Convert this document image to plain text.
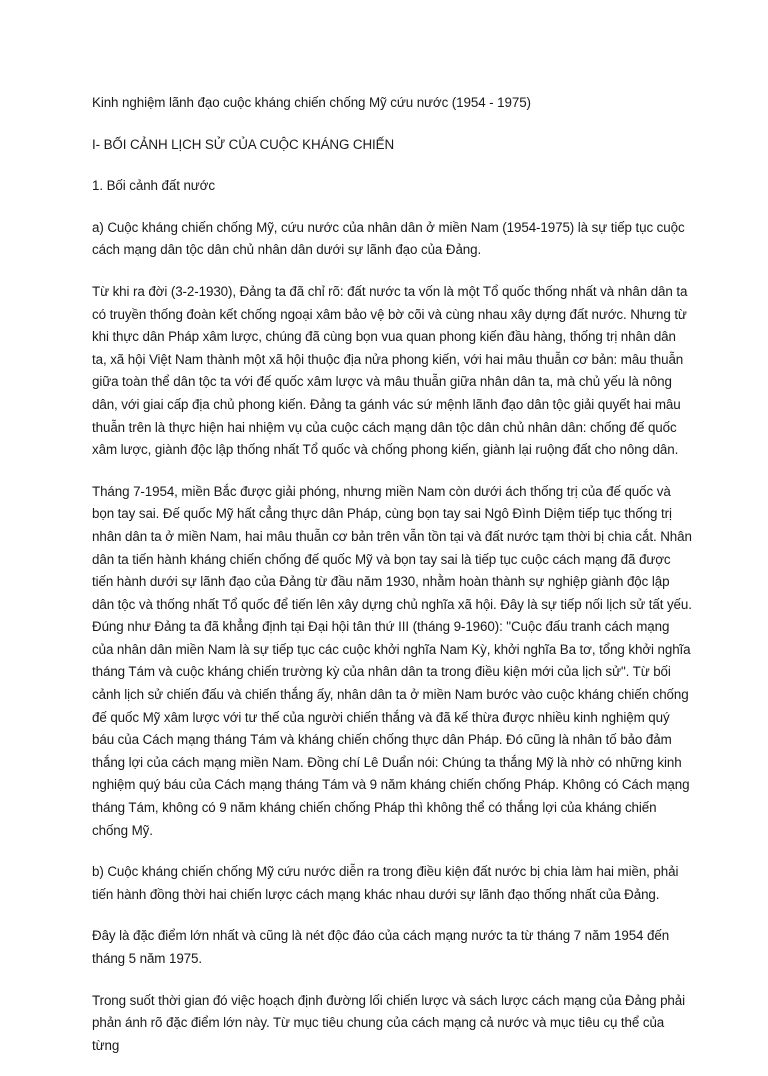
Kinh nghiệm lãnh đạo cuộc kháng chiến chống Mỹ cứu nước (1954 - 1975)

I- BỐI CẢNH LỊCH SỬ CỦA CUỘC KHÁNG CHIẾN

1. Bối cảnh đất nước

a) Cuộc kháng chiến chống Mỹ, cứu nước của nhân dân ở miền Nam (1954-1975) là sự tiếp tục cuộc cách mạng dân tộc dân chủ nhân dân dưới sự lãnh đạo của Đảng.

Từ khi ra đời (3-2-1930), Đảng ta đã chỉ rõ: đất nước ta vốn là một Tổ quốc thống nhất và nhân dân ta có truyền thống đoàn kết chống ngoại xâm bảo vệ bờ cõi và cùng nhau xây dựng đất nước. Nhưng từ khi thực dân Pháp xâm lược, chúng đã cùng bọn vua quan phong kiến đầu hàng, thống trị nhân dân ta, xã hội Việt Nam thành một xã hội thuộc địa nửa phong kiến, với hai mâu thuẫn cơ bản: mâu thuẫn giữa toàn thể dân tộc ta với đế quốc xâm lược và mâu thuẫn giữa nhân dân ta, mà chủ yếu là nông dân, với giai cấp địa chủ phong kiến. Đảng ta gánh vác sứ mệnh lãnh đạo dân tộc giải quyết hai mâu thuẫn trên là thực hiện hai nhiệm vụ của cuộc cách mạng dân tộc dân chủ nhân dân: chống đế quốc xâm lược, giành độc lập thống nhất Tổ quốc và chống phong kiến, giành lại ruộng đất cho nông dân.

Tháng 7-1954, miền Bắc được giải phóng, nhưng miền Nam còn dưới ách thống trị của đế quốc và bọn tay sai. Đế quốc Mỹ hất cẳng thực dân Pháp, cùng bọn tay sai Ngô Đình Diệm tiếp tục thống trị nhân dân ta ở miền Nam, hai mâu thuẫn cơ bản trên vẫn tồn tại và đất nước tạm thời bị chia cắt. Nhân dân ta tiến hành kháng chiến chống đế quốc Mỹ và bọn tay sai là tiếp tục cuộc cách mạng đã được tiến hành dưới sự lãnh đạo của Đảng từ đầu năm 1930, nhằm hoàn thành sự nghiệp giành độc lập dân tộc và thống nhất Tổ quốc để tiến lên xây dựng chủ nghĩa xã hội. Đây là sự tiếp nối lịch sử tất yếu. Đúng như Đảng ta đã khẳng định tại Đại hội tân thứ III (tháng 9-1960): "Cuộc đấu tranh cách mạng của nhân dân miền Nam là sự tiếp tục các cuộc khởi nghĩa Nam Kỳ, khởi nghĩa Ba tơ, tổng khởi nghĩa tháng Tám và cuộc kháng chiến trường kỳ của nhân dân ta trong điều kiện mới của lịch sử". Từ bối cảnh lịch sử chiến đấu và chiến thắng ấy, nhân dân ta ở miền Nam bước vào cuộc kháng chiến chống đế quốc Mỹ xâm lược với tư thế của người chiến thắng và đã kế thừa được nhiều kinh nghiệm quý báu của Cách mạng tháng Tám và kháng chiến chống thực dân Pháp. Đó cũng là nhân tố bảo đảm thắng lợi của cách mạng miền Nam. Đồng chí Lê Duẩn nói: Chúng ta thắng Mỹ là nhờ có những kinh nghiệm quý báu của Cách mạng tháng Tám và 9 năm kháng chiến chống Pháp. Không có Cách mạng tháng Tám, không có 9 năm kháng chiến chống Pháp thì không thể có thắng lợi của kháng chiến chống Mỹ.

b) Cuộc kháng chiến chống Mỹ cứu nước diễn ra trong điều kiện đất nước bị chia làm hai miền, phải tiến hành đồng thời hai chiến lược cách mạng khác nhau dưới sự lãnh đạo thống nhất của Đảng.

Đây là đặc điểm lớn nhất và cũng là nét độc đáo của cách mạng nước ta từ tháng 7 năm 1954 đến tháng 5 năm 1975.

Trong suốt thời gian đó việc hoạch định đường lối chiến lược và sách lược cách mạng của Đảng phải phản ánh rõ đặc điểm lớn này. Từ mục tiêu chung của cách mạng cả nước và mục tiêu cụ thể của từng
